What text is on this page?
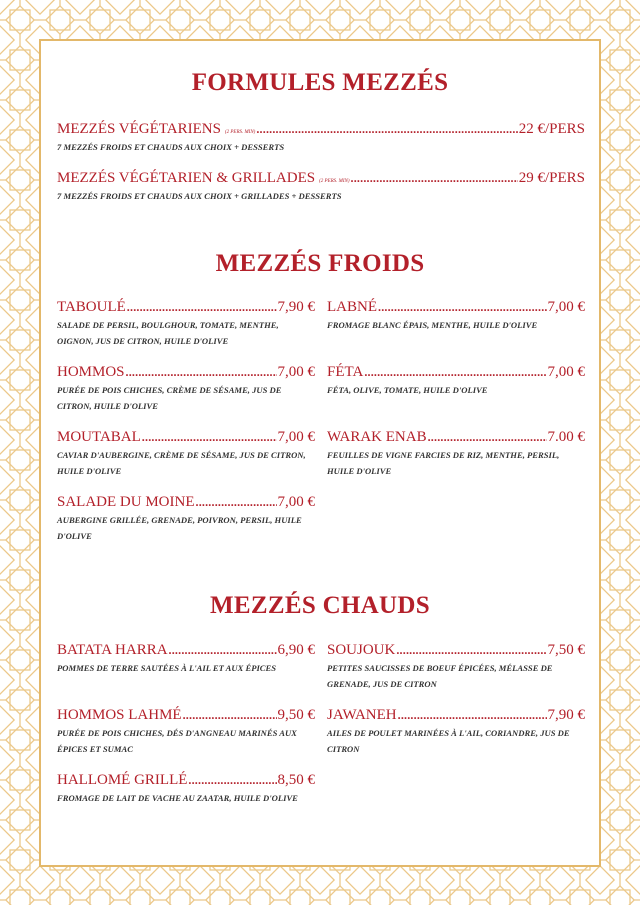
FORMULES MEZZÉS
MEZZÉS VÉGÉTARIENS (2 PERS. MIN) .....	22 €/PERS
7 MEZZÉS FROIDS ET CHAUDS AUX CHOIX + DESSERTS
MEZZÉS VÉGÉTARIEN & GRILLADES (2 PERS. MIN) .....	29 €/PERS
7 MEZZÉS FROIDS ET CHAUDS AUX CHOIX + GRILLADES + DESSERTS
MEZZÉS FROIDS
TABOULÉ .....	7,90 €
SALADE DE PERSIL, BOULGHOUR, TOMATE, MENTHE, OIGNON, JUS DE CITRON, HUILE D'OLIVE
LABNÉ .....	7,00 €
FROMAGE BLANC ÉPAIS, MENTHE, HUILE D'OLIVE
HOMMOS .....	7,00 €
PURÉE DE POIS CHICHES, CRÈME DE SÉSAME, JUS DE CITRON, HUILE D'OLIVE
FÉTA .....	7,00 €
FÉTA, OLIVE, TOMATE, HUILE D'OLIVE
MOUTABAL .....	7,00 €
CAVIAR D'AUBERGINE, CRÈME DE SÉSAME, JUS DE CITRON, HUILE D'OLIVE
WARAK ENAB .....	7.00 €
FEUILLES DE VIGNE FARCIES DE RIZ, MENTHE, PERSIL, HUILE D'OLIVE
SALADE DU MOINE .....	7,00 €
AUBERGINE GRILLÉE, GRENADE, POIVRON, PERSIL, HUILE D'OLIVE
MEZZÉS CHAUDS
BATATA HARRA .....	6,90 €
POMMES DE TERRE SAUTÉES À L'AIL ET AUX ÉPICES
SOUJOUK .....	7,50 €
PETITES SAUCISSES DE BOEUF ÉPICÉES, MÉLASSE DE GRENADE, JUS DE CITRON
HOMMOS LAHMÉ .....	9,50 €
PURÉE DE POIS CHICHES, DÉS D'ANGNEAU MARINÉS AUX ÉPICES ET SUMAC
JAWANEH .....	7,90 €
AILES DE POULET MARINÉES À L'AIL, CORIANDRE, JUS DE CITRON
HALLOMÉ GRILLÉ .....	8,50 €
FROMAGE DE LAIT DE VACHE AU ZAATAR, HUILE D'OLIVE
